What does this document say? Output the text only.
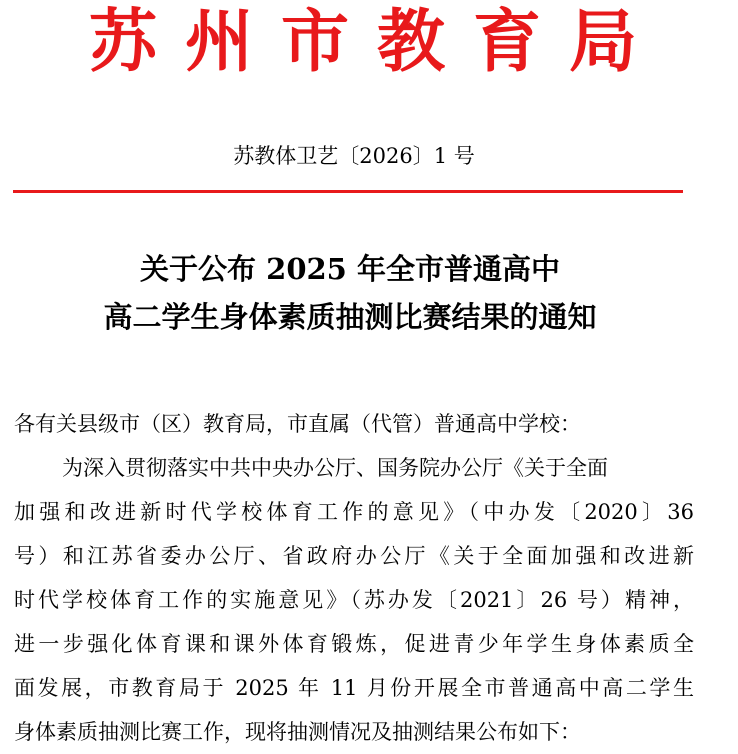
苏州市教育局
苏教体卫艺〔2026〕1 号
关于公布 2025 年全市普通高中
高二学生身体素质抽测比赛结果的通知

各有关县级市（区）教育局，市直属（代管）普通高中学校：

为深入贯彻落实中共中央办公厅、国务院办公厅《关于全面

加强和改进新时代学校体育工作的意见》（中办发〔2020〕36

号）和江苏省委办公厅、省政府办公厅《关于全面加强和改进新

时代学校体育工作的实施意见》（苏办发〔2021〕26 号）精神，

进一步强化体育课和课外体育锻炼，促进青少年学生身体素质全

面发展，市教育局于 2025 年 11 月份开展全市普通高中高二学生

身体素质抽测比赛工作，现将抽测情况及抽测结果公布如下：
